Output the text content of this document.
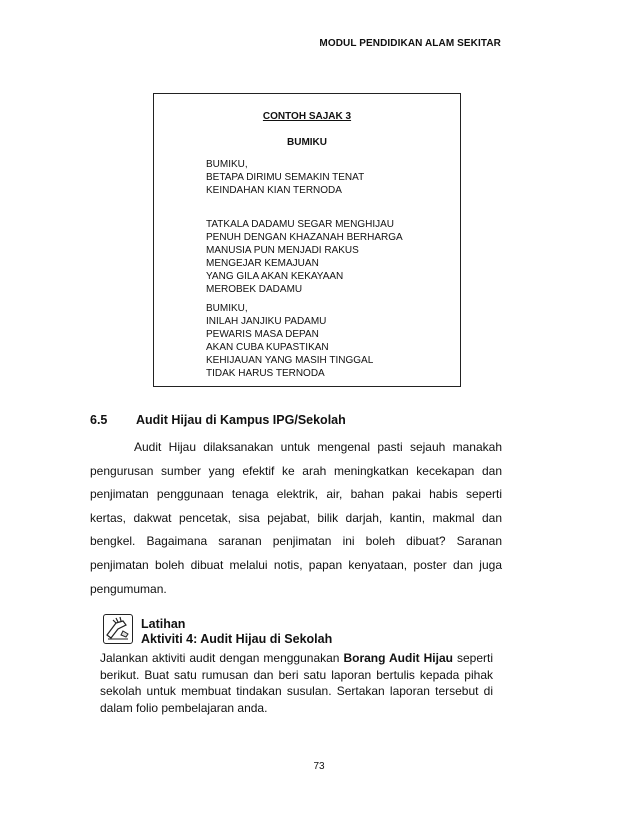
MODUL PENDIDIKAN ALAM SEKITAR
CONTOH SAJAK 3
BUMIKU
BUMIKU,
BETAPA DIRIMU SEMAKIN TENAT
KEINDAHAN KIAN TERNODA
TATKALA DADAMU SEGAR MENGHIJAU
PENUH DENGAN KHAZANAH BERHARGA
MANUSIA PUN MENJADI RAKUS
MENGEJAR KEMAJUAN
YANG GILA AKAN KEKAYAAN
MEROBEK DADAMU
BUMIKU,
INILAH JANJIKU PADAMU
PEWARIS MASA DEPAN
AKAN CUBA KUPASTIKAN
KEHIJAUAN YANG MASIH TINGGAL
TIDAK HARUS TERNODA
6.5 Audit Hijau di Kampus IPG/Sekolah
Audit Hijau dilaksanakan untuk mengenal pasti sejauh manakah pengurusan sumber yang efektif ke arah meningkatkan kecekapan dan penjimatan penggunaan tenaga elektrik, air, bahan pakai habis seperti kertas, dakwat pencetak, sisa pejabat, bilik darjah, kantin, makmal dan bengkel. Bagaimana saranan penjimatan ini boleh dibuat? Saranan penjimatan boleh dibuat melalui notis, papan kenyataan, poster dan juga pengumuman.
Latihan
Aktiviti 4: Audit Hijau di Sekolah
Jalankan aktiviti audit dengan menggunakan Borang Audit Hijau seperti berikut. Buat satu rumusan dan beri satu laporan bertulis kepada pihak sekolah untuk membuat tindakan susulan. Sertakan laporan tersebut di dalam folio pembelajaran anda.
73
